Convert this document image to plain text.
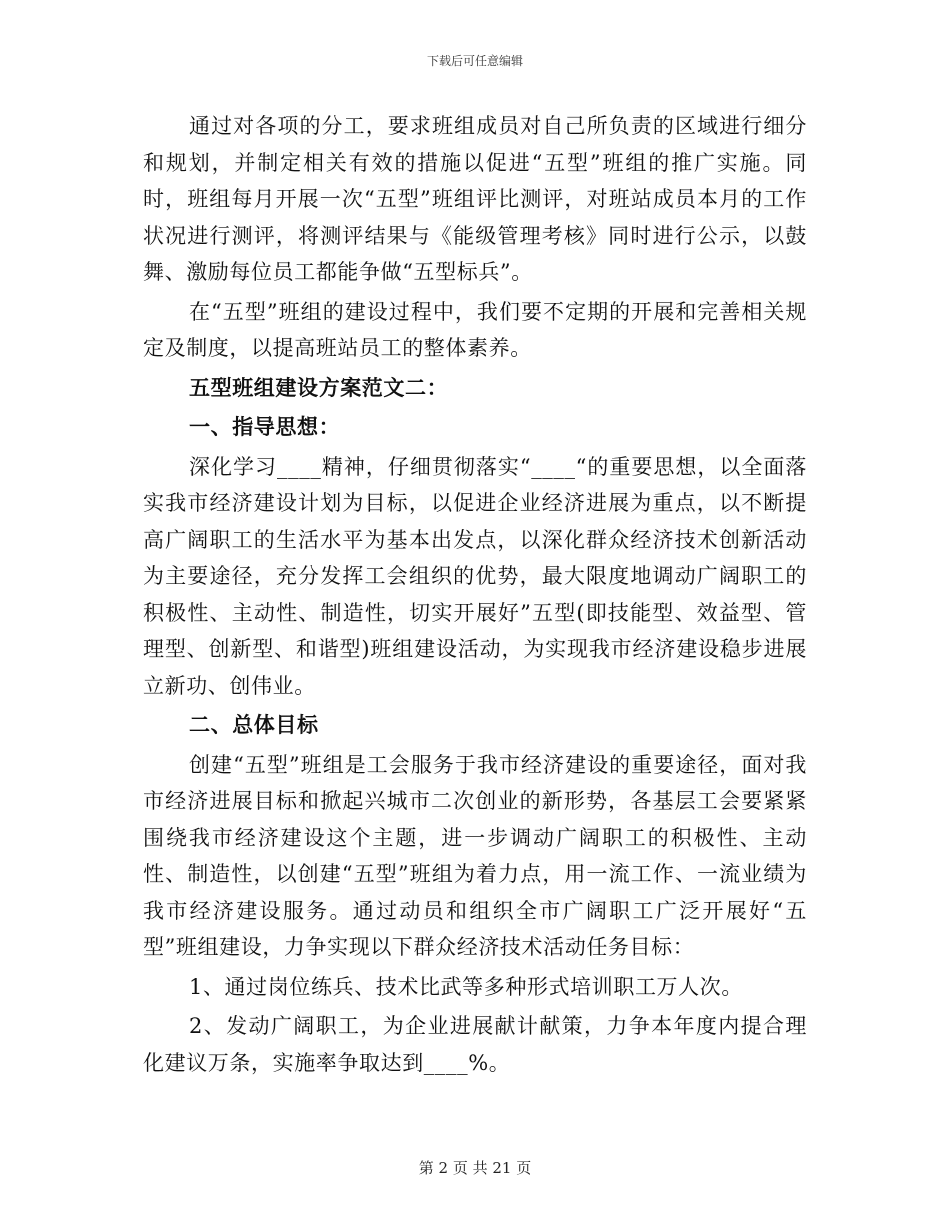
下载后可任意编辑

通过对各项的分工，要求班组成员对自己所负责的区域进行细分和规划，并制定相关有效的措施以促进“五型”班组的推广实施。同时，班组每月开展一次“五型”班组评比测评，对班站成员本月的工作状况进行测评，将测评结果与《能级管理考核》同时进行公示，以鼓舞、激励每位员工都能争做“五型标兵”。

在“五型”班组的建设过程中，我们要不定期的开展和完善相关规定及制度，以提高班站员工的整体素养。

五型班组建设方案范文二：

一、指导思想：

深化学习____精神，仔细贯彻落实“____“的重要思想，以全面落实我市经济建设计划为目标，以促进企业经济进展为重点，以不断提高广阔职工的生活水平为基本出发点，以深化群众经济技术创新活动为主要途径，充分发挥工会组织的优势，最大限度地调动广阔职工的积极性、主动性、制造性，切实开展好”五型(即技能型、效益型、管理型、创新型、和谐型)班组建设活动，为实现我市经济建设稳步进展立新功、创伟业。

二、总体目标

创建“五型”班组是工会服务于我市经济建设的重要途径，面对我市经济进展目标和掀起兴城市二次创业的新形势，各基层工会要紧紧围绕我市经济建设这个主题，进一步调动广阔职工的积极性、主动性、制造性，以创建“五型”班组为着力点，用一流工作、一流业绩为我市经济建设服务。通过动员和组织全市广阔职工广泛开展好“五型”班组建设，力争实现以下群众经济技术活动任务目标：

1、通过岗位练兵、技术比武等多种形式培训职工万人次。

2、发动广阔职工，为企业进展献计献策，力争本年度内提合理化建议万条，实施率争取达到____%。

第 2 页 共 21 页
